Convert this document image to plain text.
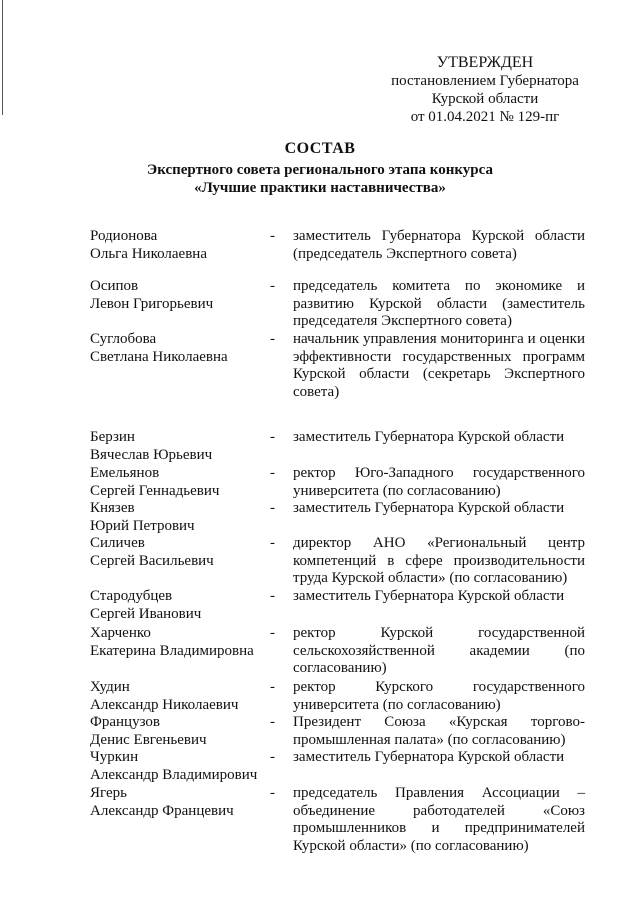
УТВЕРЖДЕН
постановлением Губернатора
Курской области
от 01.04.2021 № 129-пг
СОСТАВ
Экспертного совета регионального этапа конкурса
«Лучшие практики наставничества»
Родионова
Ольга Николаевна
-	заместитель Губернатора Курской области (председатель Экспертного совета)
Осипов
Левон Григорьевич
-	председатель комитета по экономике и развитию Курской области (заместитель председателя Экспертного совета)
Суглобова
Светлана Николаевна
-	начальник управления мониторинга и оценки эффективности государственных программ Курской области (секретарь Экспертного совета)
Берзин
Вячеслав Юрьевич
-	заместитель Губернатора Курской области
Емельянов
Сергей Геннадьевич
-	ректор Юго-Западного государственного университета (по согласованию)
Князев
Юрий Петрович
-	заместитель Губернатора Курской области
Силичев
Сергей Васильевич
-	директор АНО «Региональный центр компетенций в сфере производительности труда Курской области» (по согласованию)
Стародубцев
Сергей Иванович
-	заместитель Губернатора Курской области
Харченко
Екатерина Владимировна
-	ректор Курской государственной сельскохозяйственной академии (по согласованию)
Худин
Александр Николаевич
-	ректор Курского государственного университета (по согласованию)
Французов
Денис Евгеньевич
-	Президент Союза «Курская торгово-промышленная палата» (по согласованию)
Чуркин
Александр Владимирович
-	заместитель Губернатора Курской области
Ягерь
Александр Францевич
-	председатель Правления Ассоциации – объединение работодателей «Союз промышленников и предпринимателей Курской области» (по согласованию)
